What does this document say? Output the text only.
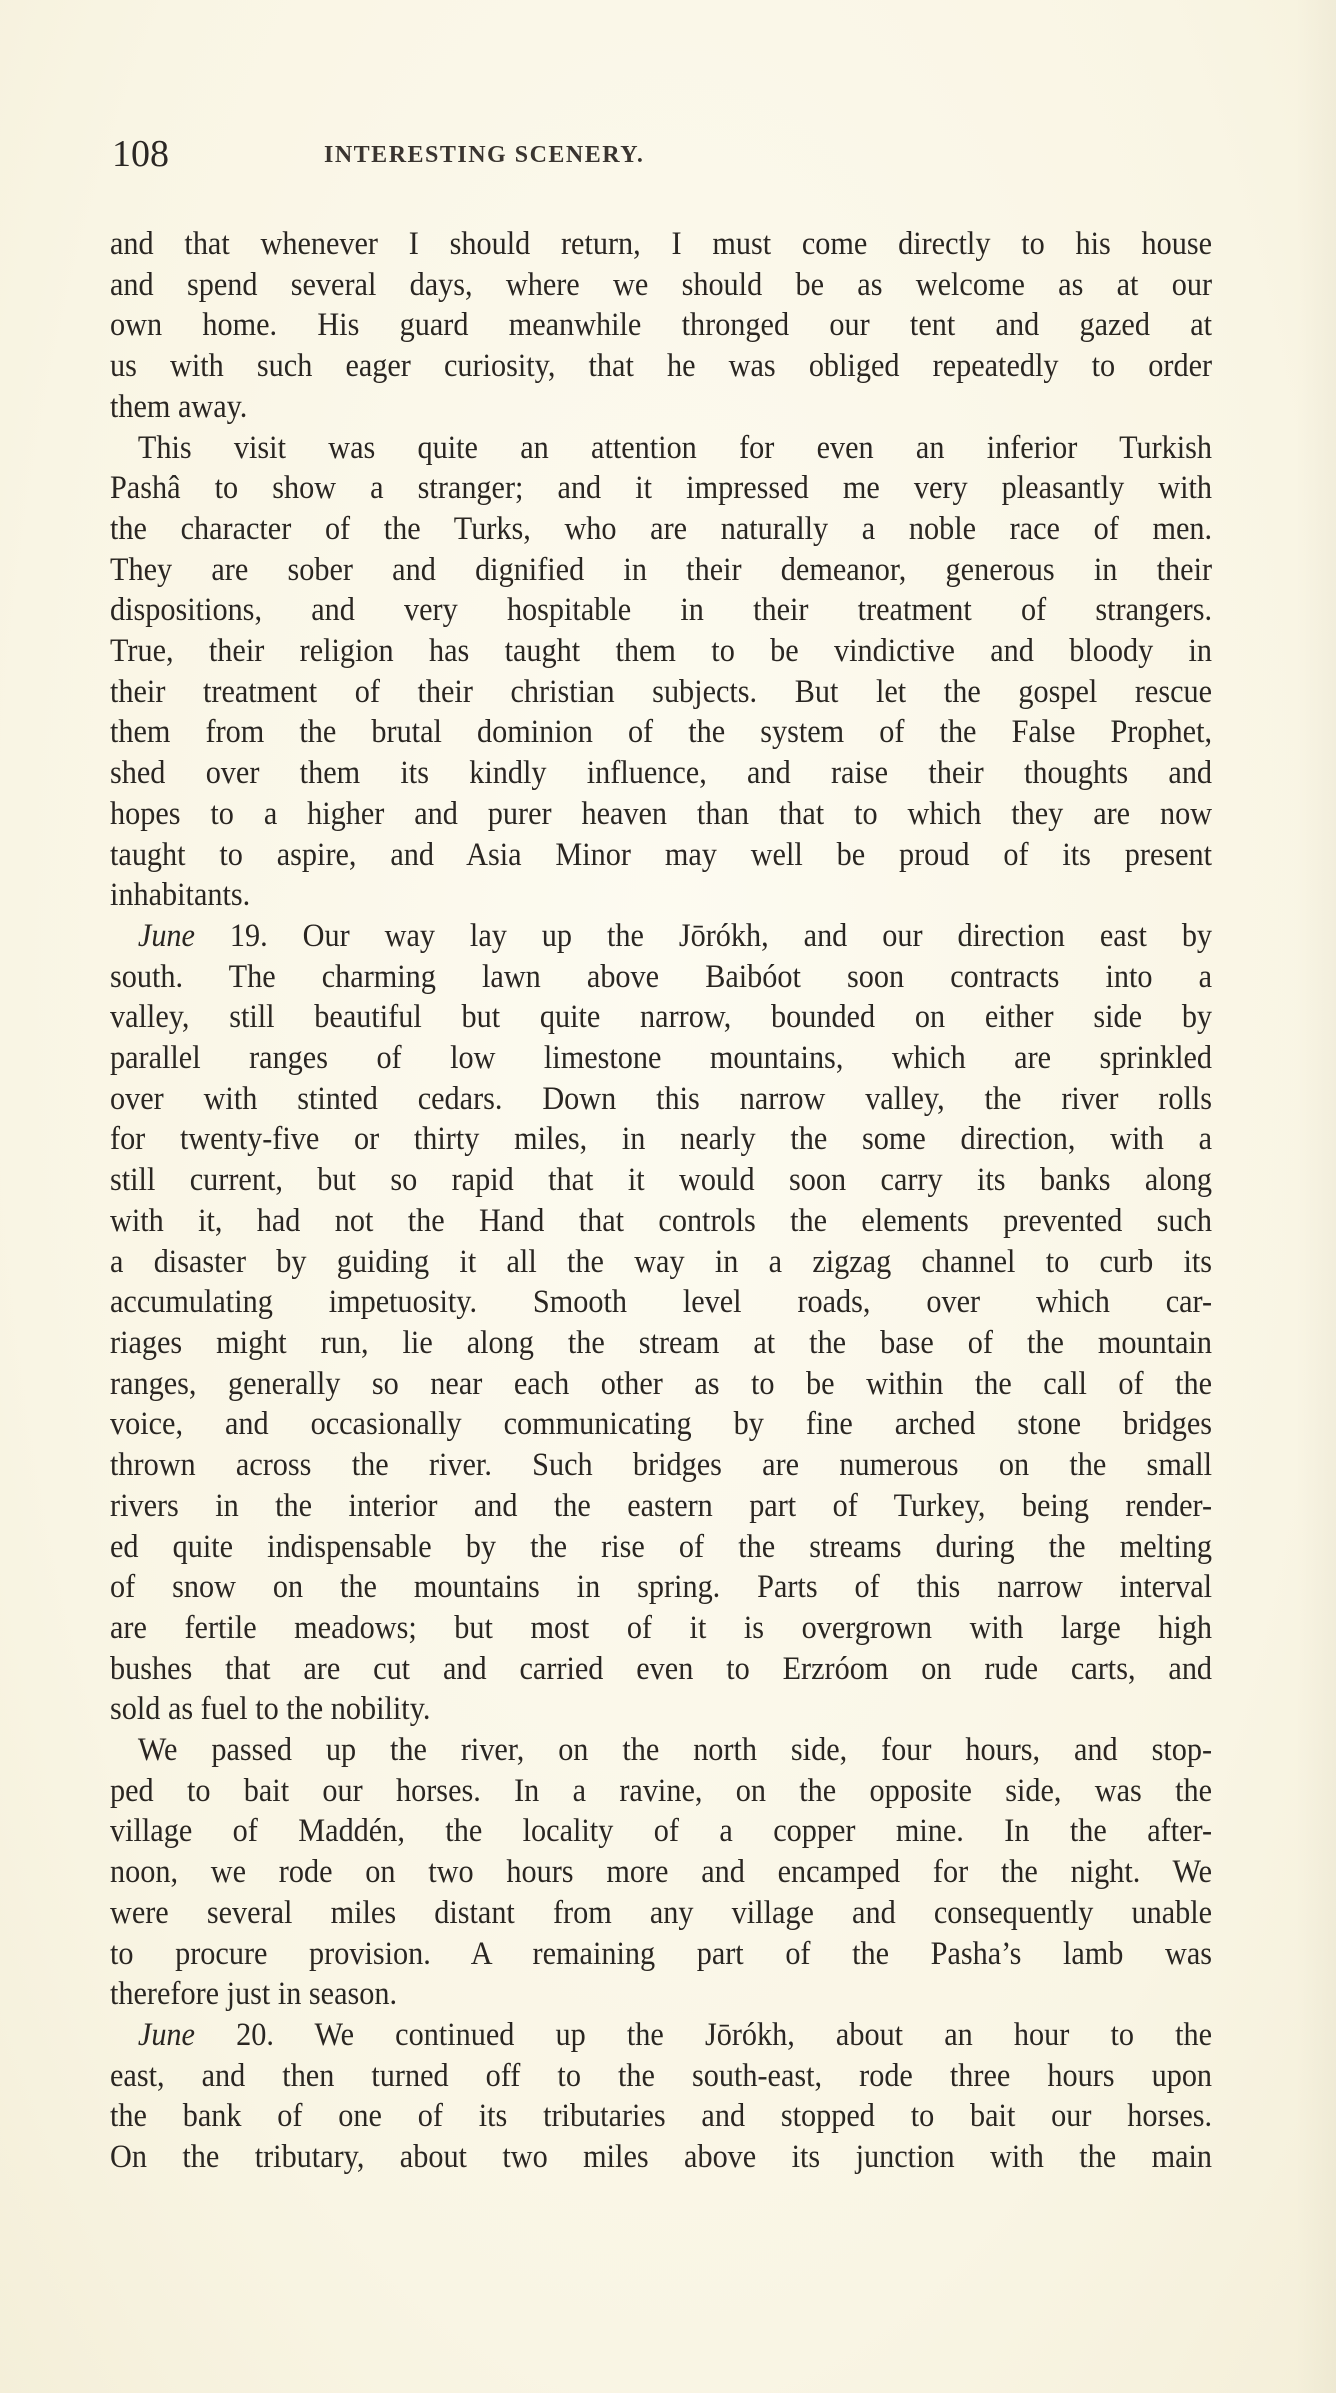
108	INTERESTING SCENERY.
and that whenever I should return, I must come directly to his house
and spend several days, where we should be as welcome as at our
own home. His guard meanwhile thronged our tent and gazed at
us with such eager curiosity, that he was obliged repeatedly to order
them away.
This visit was quite an attention for even an inferior Turkish
Pashâ to show a stranger; and it impressed me very pleasantly with
the character of the Turks, who are naturally a noble race of men.
They are sober and dignified in their demeanor, generous in their
dispositions, and very hospitable in their treatment of strangers.
True, their religion has taught them to be vindictive and bloody in
their treatment of their christian subjects. But let the gospel rescue
them from the brutal dominion of the system of the False Prophet,
shed over them its kindly influence, and raise their thoughts and
hopes to a higher and purer heaven than that to which they are now
taught to aspire, and Asia Minor may well be proud of its present
inhabitants.
June 19. Our way lay up the Jōrókh, and our direction east by
south. The charming lawn above Baibóot soon contracts into a
valley, still beautiful but quite narrow, bounded on either side by
parallel ranges of low limestone mountains, which are sprinkled
over with stinted cedars. Down this narrow valley, the river rolls
for twenty-five or thirty miles, in nearly the some direction, with a
still current, but so rapid that it would soon carry its banks along
with it, had not the Hand that controls the elements prevented such
a disaster by guiding it all the way in a zigzag channel to curb its
accumulating impetuosity. Smooth level roads, over which car-
riages might run, lie along the stream at the base of the mountain
ranges, generally so near each other as to be within the call of the
voice, and occasionally communicating by fine arched stone bridges
thrown across the river. Such bridges are numerous on the small
rivers in the interior and the eastern part of Turkey, being render-
ed quite indispensable by the rise of the streams during the melting
of snow on the mountains in spring. Parts of this narrow interval
are fertile meadows; but most of it is overgrown with large high
bushes that are cut and carried even to Erzróom on rude carts, and
sold as fuel to the nobility.
We passed up the river, on the north side, four hours, and stop-
ped to bait our horses. In a ravine, on the opposite side, was the
village of Maddén, the locality of a copper mine. In the after-
noon, we rode on two hours more and encamped for the night. We
were several miles distant from any village and consequently unable
to procure provision. A remaining part of the Pasha’s lamb was
therefore just in season.
June 20. We continued up the Jōrókh, about an hour to the
east, and then turned off to the south-east, rode three hours upon
the bank of one of its tributaries and stopped to bait our horses.
On the tributary, about two miles above its junction with the main
